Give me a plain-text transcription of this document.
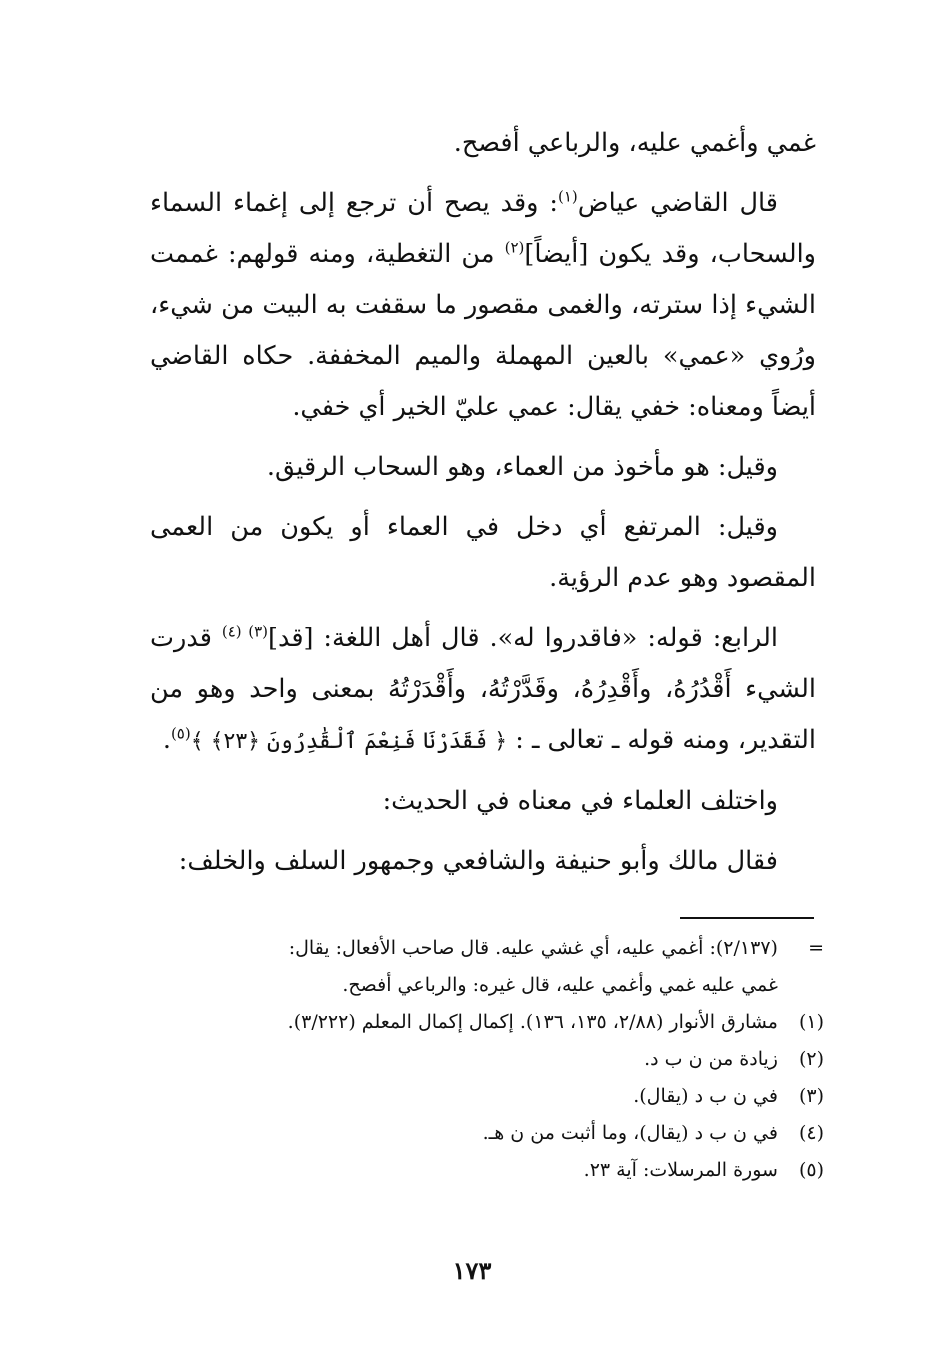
غمي وأغمي عليه، والرباعي أفصح.

قال القاضي عياض$^{(١)}$: وقد يصح أن ترجع إلى إغماء السماء والسحاب، وقد يكون [أيضاً]$^{(٢)}$ من التغطية، ومنه قولهم: غممت الشيء إذا سترته، والغمى مقصور ما سقفت به البيت من شيء، ورُوي «عمي» بالعين المهملة والميم المخففة. حكاه القاضي أيضاً ومعناه: خفي يقال: عمي عليّ الخير أي خفي.

وقيل: هو مأخوذ من العماء، وهو السحاب الرقيق.

وقيل: المرتفع أي دخل في العماء أو يكون من العمى المقصود وهو عدم الرؤية.

الرابع: قوله: «فاقدروا له». قال أهل اللغة: [قد]$^{(٣) (٤)}$ قدرت الشيء أَقْدُرُهُ، وأَقْدِرُهُ، وقَدَّرْتُهُ، وأَقْدَرْتُهُ بمعنى واحد وهو من التقدير، ومنه قوله ـ تعالى ـ : ﴿ فَقَدَرْنَا فَنِعْمَ ٱلْقَٰدِرُونَ ﴿٢٣﴾ ﴾$^{(٥)}$.

واختلف العلماء في معناه في الحديث:

فقال مالك وأبو حنيفة والشافعي وجمهور السلف والخلف:

= (٢/١٣٧): أغمي عليه، أي غشي عليه. قال صاحب الأفعال: يقال:

غمي عليه غمي وأغمي عليه، قال غيره: والرباعي أفصح.

(١) مشارق الأنوار (٢/٨٨، ١٣٥، ١٣٦). إكمال إكمال المعلم (٣/٢٢٢).

(٢) زيادة من ن ب د.

(٣) في ن ب د (يقال).

(٤) في ن ب د (يقال)، وما أثبت من ن هـ.

(٥) سورة المرسلات: آية ٢٣.

١٧٣
